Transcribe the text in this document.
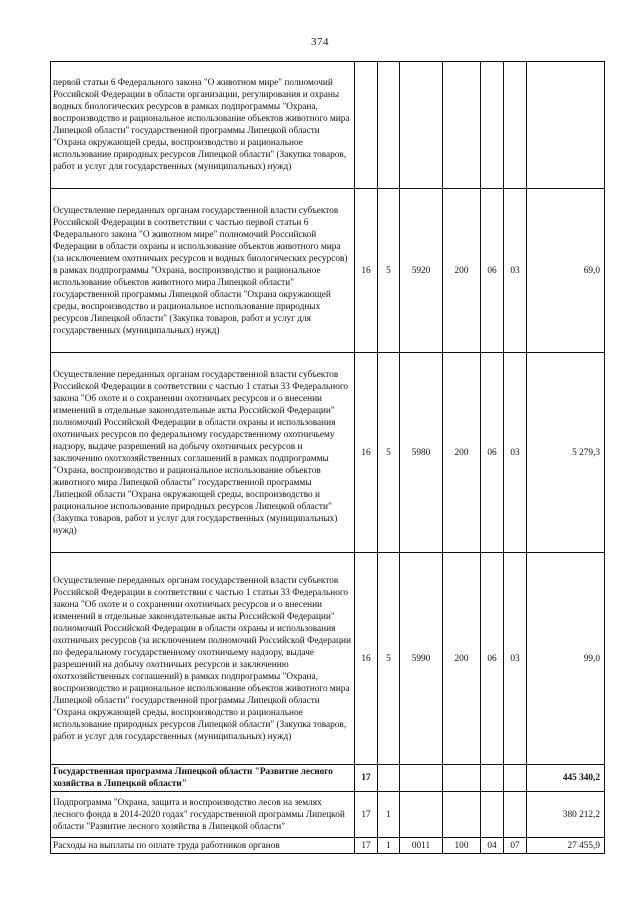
374
первой статьи 6 Федерального закона "О животном мире" полномочий Российской Федерации в области организации, регулирования и охраны водных биологических ресурсов в рамках подпрограммы "Охрана, воспроизводство и рациональное использование объектов животного мира Липецкой области" государственной программы Липецкой области "Охрана окружающей среды, воспроизводство и рациональное использование природных ресурсов Липецкой области" (Закупка товаров, работ и услуг для государственных (муниципальных) нужд)							
Осуществление переданных органам государственной власти субъектов Российской Федерации в соответствии с частью первой статьи 6 Федерального закона "О животном мире" полномочий Российской Федерации в области охраны и использование объектов животного мира (за исключением охотничьих ресурсов и водных биологических ресурсов) в рамках подпрограммы "Охрана, воспроизводство и рациональное использование объектов животного мира Липецкой области" государственной программы Липецкой области "Охрана окружающей среды, воспроизводство и рациональное использование природных ресурсов Липецкой области" (Закупка товаров, работ и услуг для государственных (муниципальных) нужд)	16	5	5920	200	06	03	69,0
Осуществление переданных органам государственной власти субъектов Российской Федерации в соответствии с частью 1 статьи 33 Федерального закона "Об охоте и о сохранении охотничьих ресурсов и о внесении изменений в отдельные законодательные акты Российской Федерации" полномочий Российской Федерации в области охраны и использования охотничьих ресурсов по федеральному государственному охотничьему надзору, выдаче разрешений на добычу охотничьих ресурсов и заключению охотхозяйственных соглашений в рамках подпрограммы "Охрана, воспроизводство и рациональное использование объектов животного мира Липецкой области" государственной программы Липецкой области "Охрана окружающей среды, воспроизводство и рациональное использование природных ресурсов Липецкой области" (Закупка товаров, работ и услуг для государственных (муниципальных) нужд)	16	5	5980	200	06	03	5 279,3
Осуществление переданных органам государственной власти субъектов Российской Федерации в соответствии с частью 1 статьи 33 Федерального закона "Об охоте и о сохранении охотничьих ресурсов и о внесении изменений в отдельные законодательные акты Российской Федерации" полномочий Российской Федерации в области охраны и использования охотничьих ресурсов (за исключением полномочий Российской Федерации по федеральному государственному охотничьему надзору, выдаче разрешений на добычу охотничьих ресурсов и заключению охотхозяйственных соглашений) в рамках подпрограммы "Охрана, воспроизводство и рациональное использование объектов животного мира Липецкой области" государственной программы Липецкой области "Охрана окружающей среды, воспроизводство и рациональное использование природных ресурсов Липецкой области" (Закупка товаров, работ и услуг для государственных (муниципальных) нужд)	16	5	5990	200	06	03	99,0
Государственная программа Липецкой области "Развитие лесного хозяйства в Липецкой области"	17						445 340,2
Подпрограмма "Охрана, защита и воспроизводство лесов на землях лесного фонда в 2014-2020 годах" государственной программы Липецкой области "Развитие лесного хозяйства в Липецкой области"	17	1					380 212,2
Расходы на выплаты по оплате труда работников органов	17	1	0011	100	04	07	27 455,9
